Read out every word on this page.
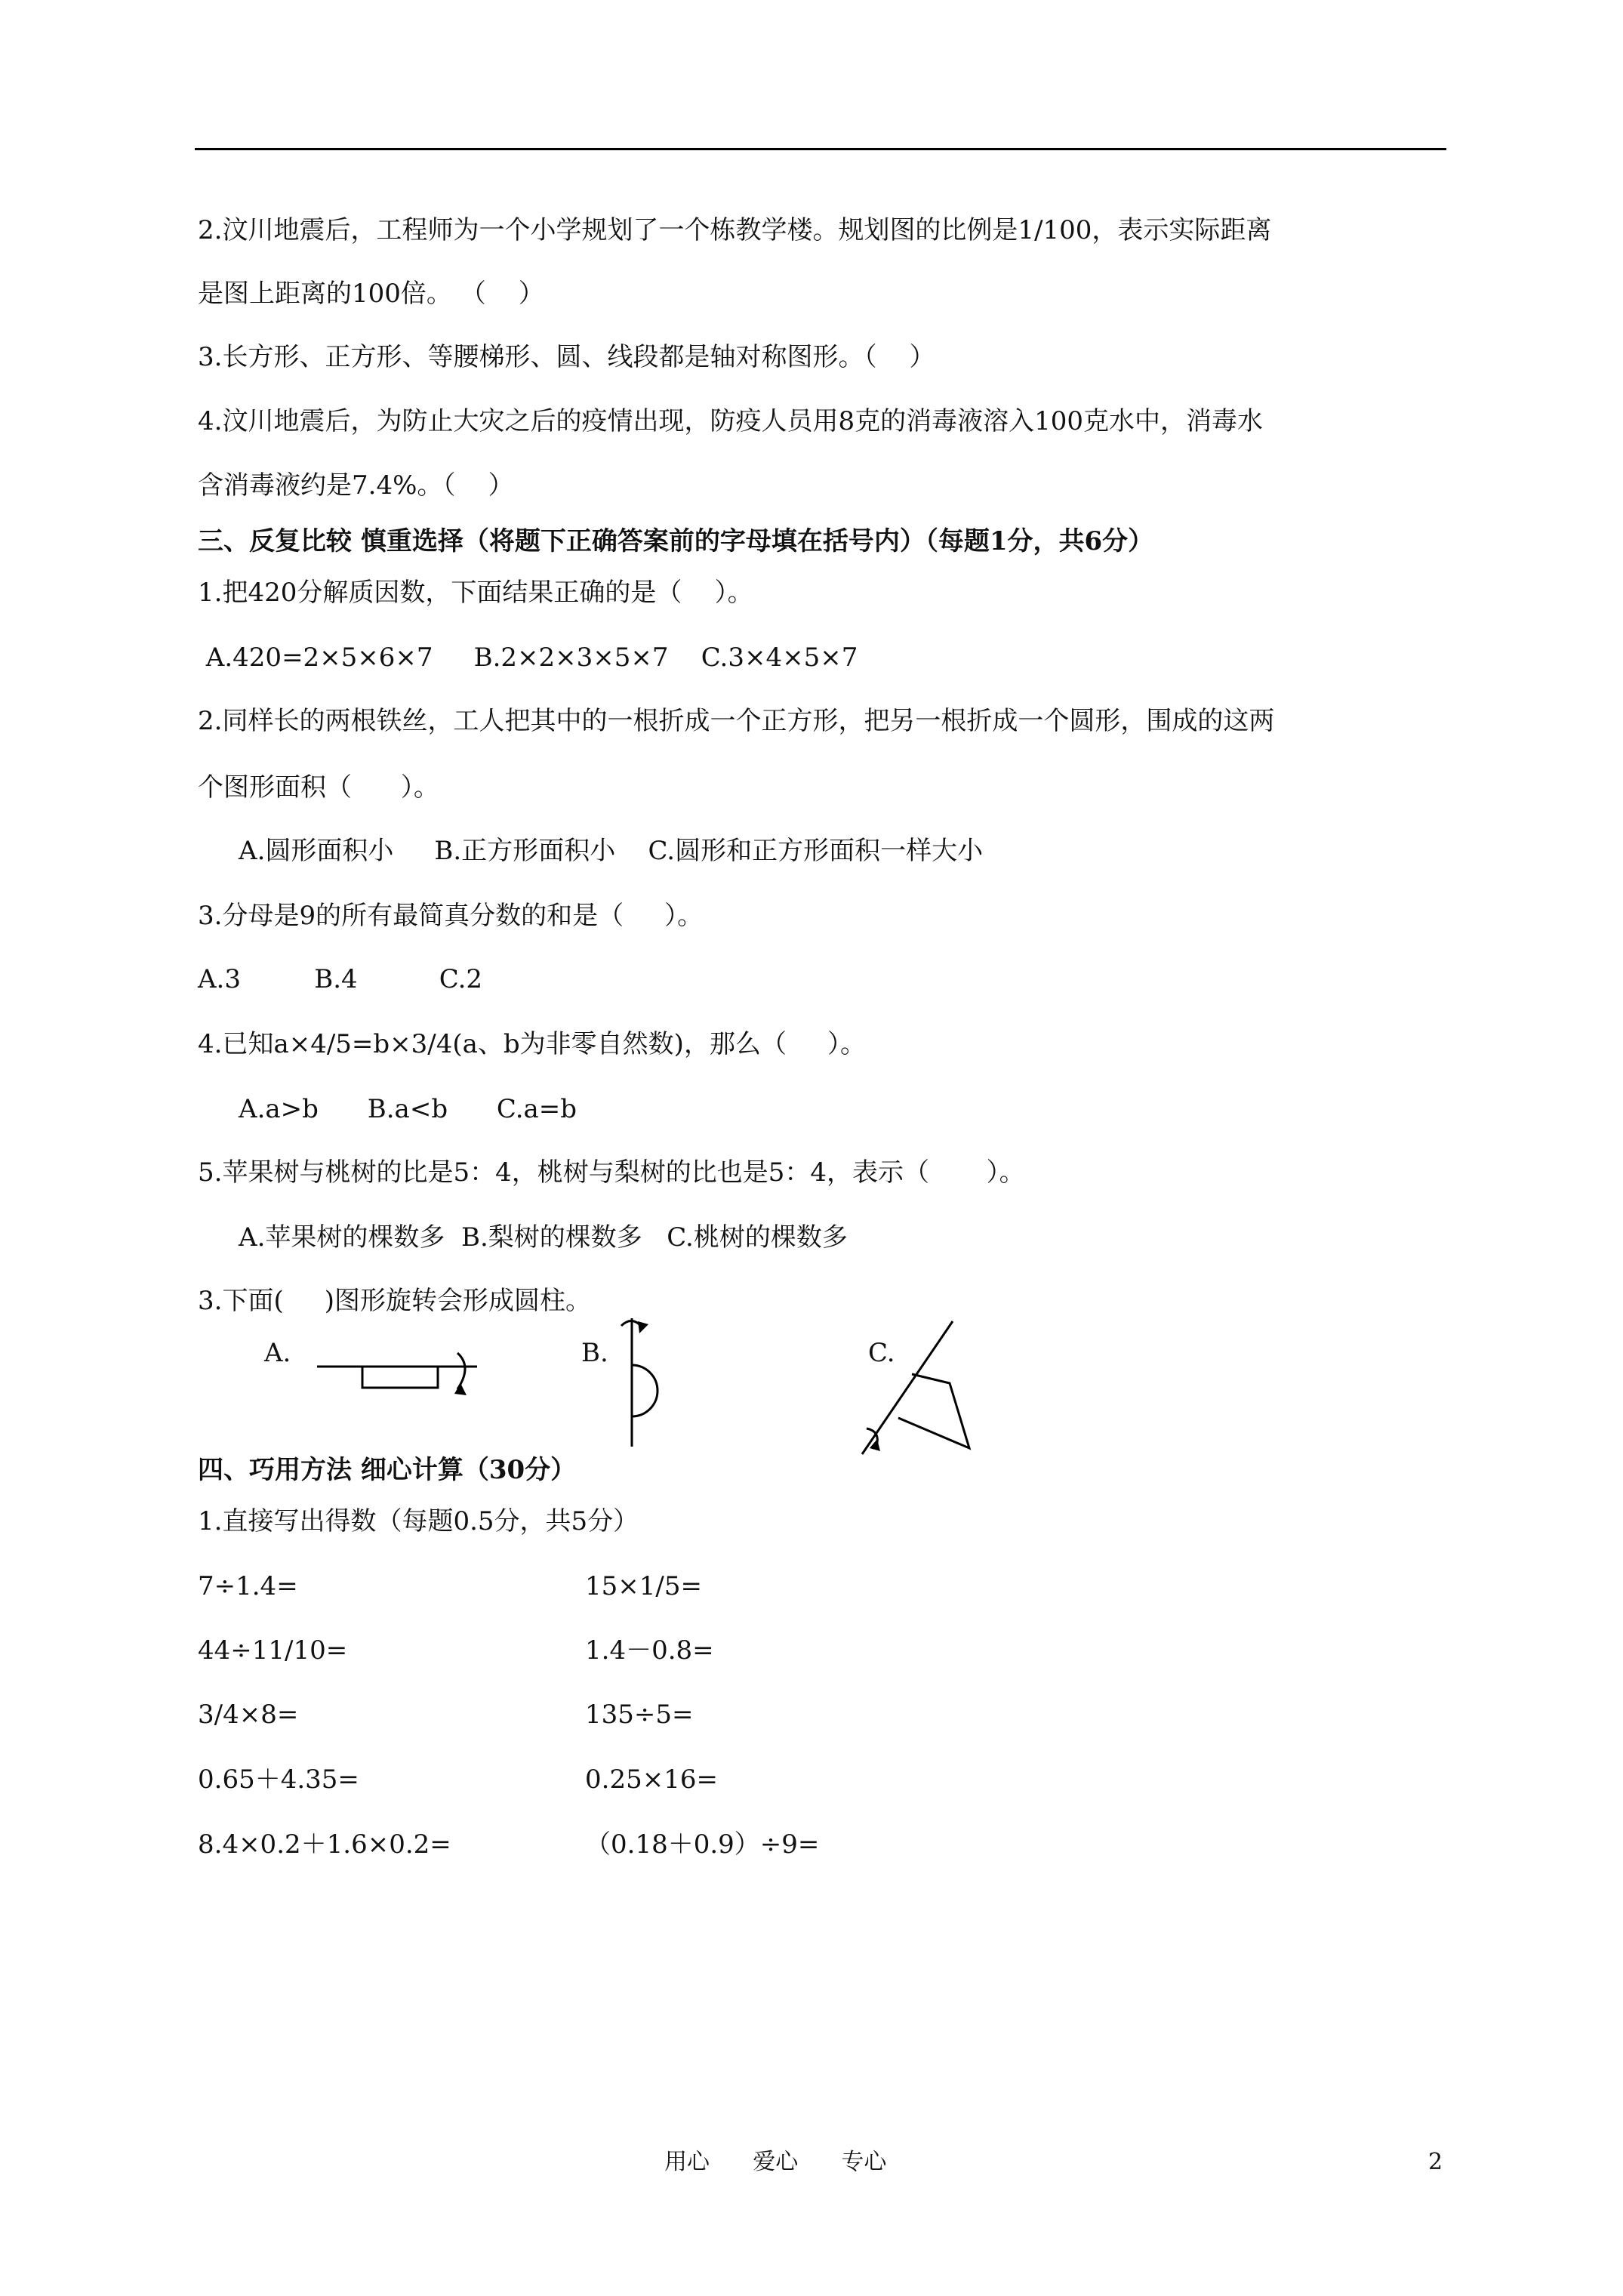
2.汶川地震后，工程师为一个小学规划了一个栋教学楼。规划图的比例是1/100，表示实际距离
是图上距离的100倍。 （    ）
3.长方形、正方形、等腰梯形、圆、线段都是轴对称图形。（    ）
4.汶川地震后，为防止大灾之后的疫情出现，防疫人员用8克的消毒液溶入100克水中，消毒水
含消毒液约是7.4%。（    ）
三、反复比较 慎重选择（将题下正确答案前的字母填在括号内）（每题1分，共6分）
1.把420分解质因数，下面结果正确的是（    ）。
A.420=2×5×6×7     B.2×2×3×5×7    C.3×4×5×7
2.同样长的两根铁丝，工人把其中的一根折成一个正方形，把另一根折成一个圆形，围成的这两
个图形面积（      ）。
A.圆形面积小     B.正方形面积小    C.圆形和正方形面积一样大小
3.分母是9的所有最简真分数的和是（     ）。
A.3         B.4          C.2
4.已知a×4/5=b×3/4(a、b为非零自然数)，那么（     ）。
A.a>b      B.a<b      C.a=b
5.苹果树与桃树的比是5：4，桃树与梨树的比也是5：4，表示（       ）。
A.苹果树的棵数多  B.梨树的棵数多   C.桃树的棵数多
3.下面(     )图形旋转会形成圆柱。
A.	B.	C.
四、巧用方法 细心计算（30分）
1.直接写出得数（每题0.5分，共5分）
7÷1.4=	15×1/5=
44÷11/10=	1.4－0.8=
3/4×8=	135÷5=
0.65＋4.35=	0.25×16=
8.4×0.2＋1.6×0.2=	（0.18＋0.9）÷9=
用心      爱心      专心	2
